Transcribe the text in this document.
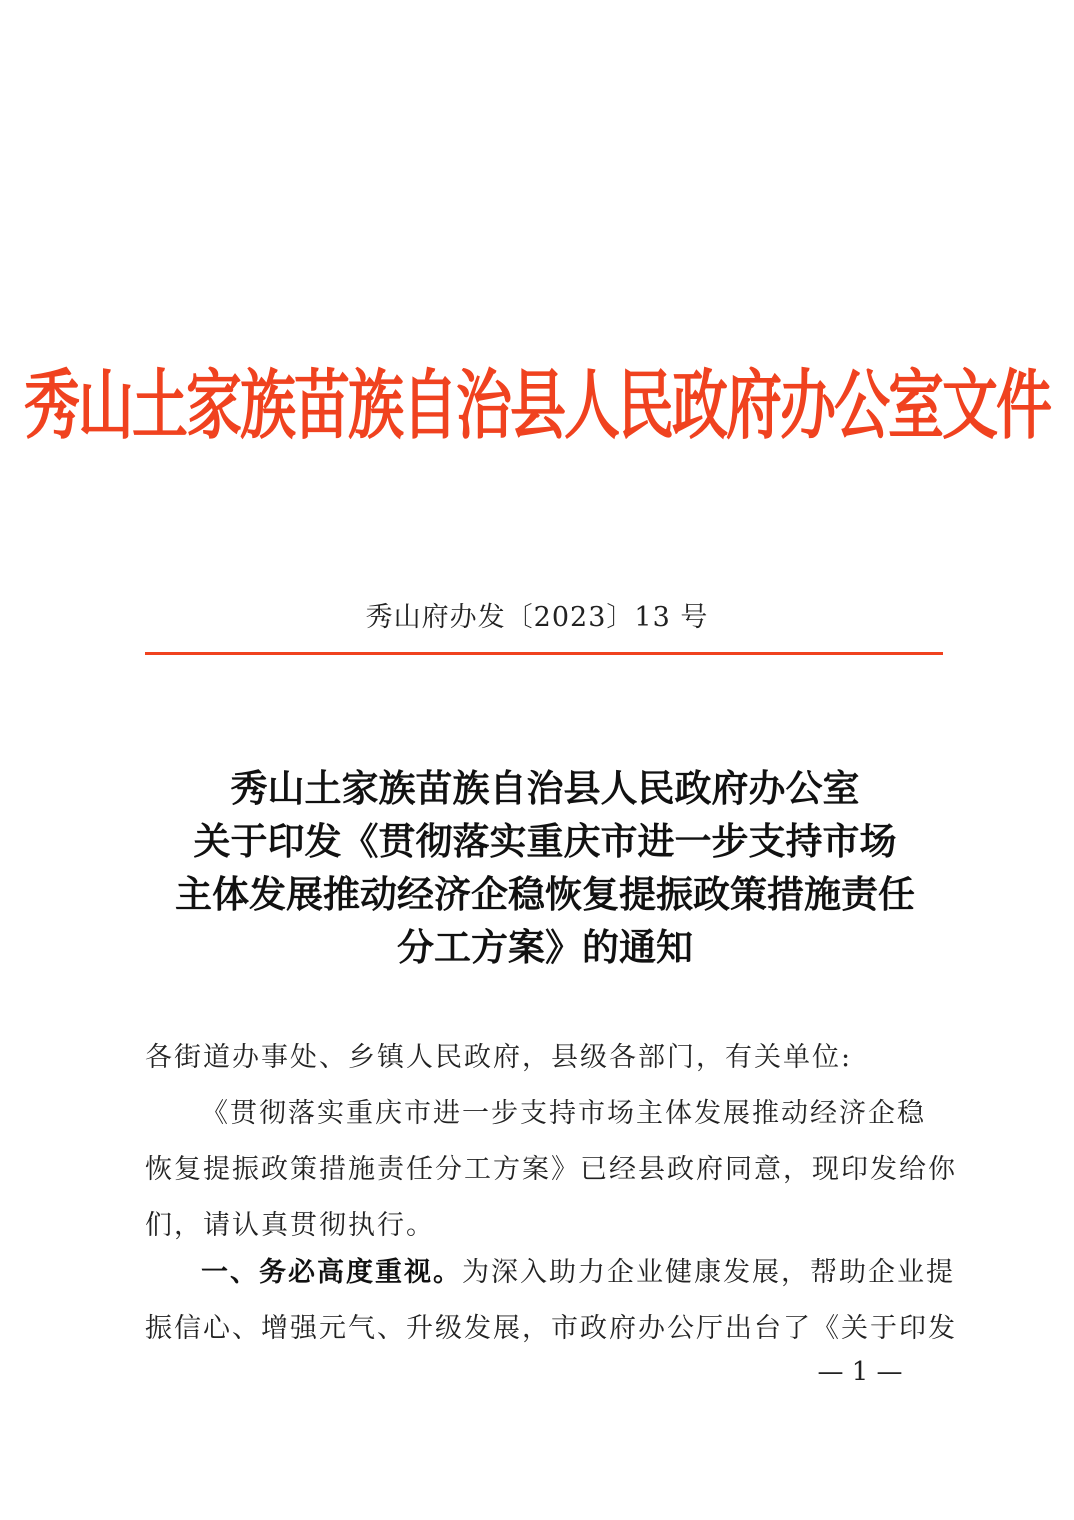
秀山土家族苗族自治县人民政府办公室文件
秀山府办发〔2023〕13 号
秀山土家族苗族自治县人民政府办公室
关于印发《贯彻落实重庆市进一步支持市场
主体发展推动经济企稳恢复提振政策措施责任
分工方案》的通知
各街道办事处、乡镇人民政府，县级各部门，有关单位:
《贯彻落实重庆市进一步支持市场主体发展推动经济企稳
恢复提振政策措施责任分工方案》已经县政府同意，现印发给你
们，请认真贯彻执行。
一、务必高度重视。为深入助力企业健康发展，帮助企业提
振信心、增强元气、升级发展，市政府办公厅出台了《关于印发
— 1 —
